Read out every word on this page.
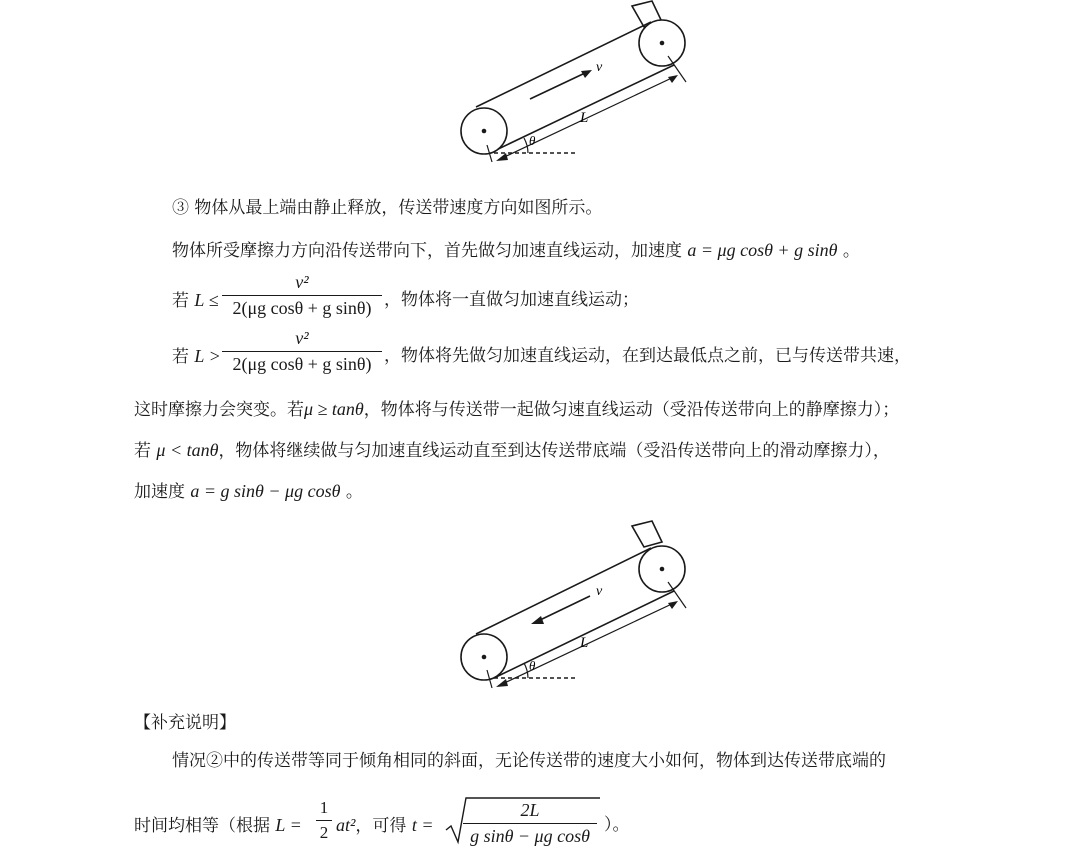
v
L
θ
③ 物体从最上端由静止释放，传送带速度方向如图所示。
物体所受摩擦力方向沿传送带向下，首先做匀加速直线运动，加速度 a = μg cosθ + g sinθ 。
若 L ≤
v²
2(μg cosθ + g sinθ) ，物体将一直做匀加速直线运动；
若 L >
v²
2(μg cosθ + g sinθ) ，物体将先做匀加速直线运动，在到达最低点之前，已与传送带共速，
这时摩擦力会突变。若μ ≥ tanθ，物体将与传送带一起做匀速直线运动（受沿传送带向上的静摩擦力）；
若 μ < tanθ，物体将继续做与匀加速直线运动直至到达传送带底端（受沿传送带向上的滑动摩擦力），
加速度 a = g sinθ − μg cosθ 。
v
L
θ
【补充说明】
情况②中的传送带等同于倾角相同的斜面，无论传送带的速度大小如何，物体到达传送带底端的
时间均相等（根据 L =
1
2 at²，可得 t =
2L
g sinθ − μg cosθ
）。
